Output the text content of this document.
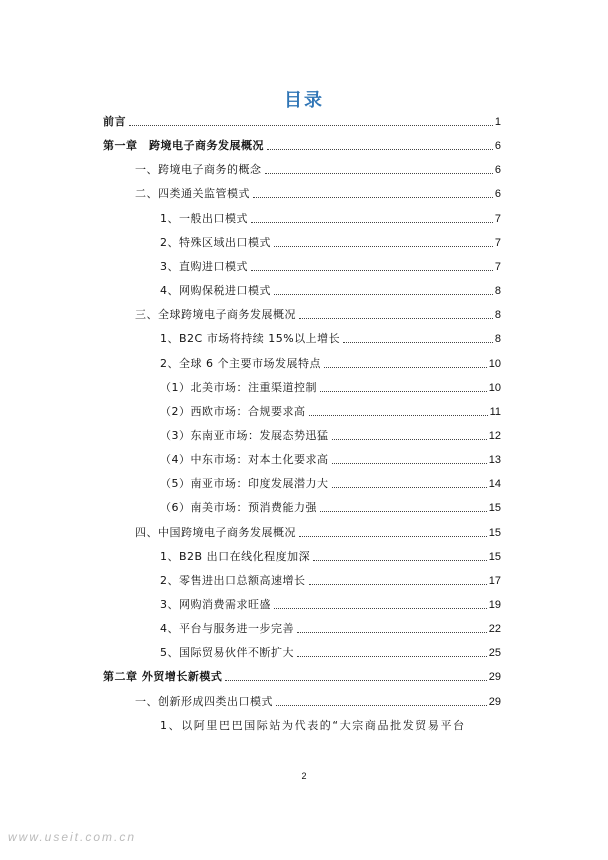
目录
前言	1
第一章　跨境电子商务发展概况	6
一、跨境电子商务的概念	6
二、四类通关监管模式	6
1、一般出口模式	7
2、特殊区域出口模式	7
3、直购进口模式	7
4、网购保税进口模式	8
三、全球跨境电子商务发展概况	8
1、B2C 市场将持续 15%以上增长	8
2、全球 6 个主要市场发展特点	10
（1）北美市场：注重渠道控制	10
（2）西欧市场：合规要求高	11
（3）东南亚市场：发展态势迅猛	12
（4）中东市场：对本土化要求高	13
（5）南亚市场：印度发展潜力大	14
（6）南美市场：预消费能力强	15
四、中国跨境电子商务发展概况	15
1、B2B 出口在线化程度加深	15
2、零售进出口总额高速增长	17
3、网购消费需求旺盛	19
4、平台与服务进一步完善	22
5、国际贸易伙伴不断扩大	25
第二章 外贸增长新模式	29
一、创新形成四类出口模式	29
1、以阿里巴巴国际站为代表的“大宗商品批发贸易平台
2
www.useit.com.cn
